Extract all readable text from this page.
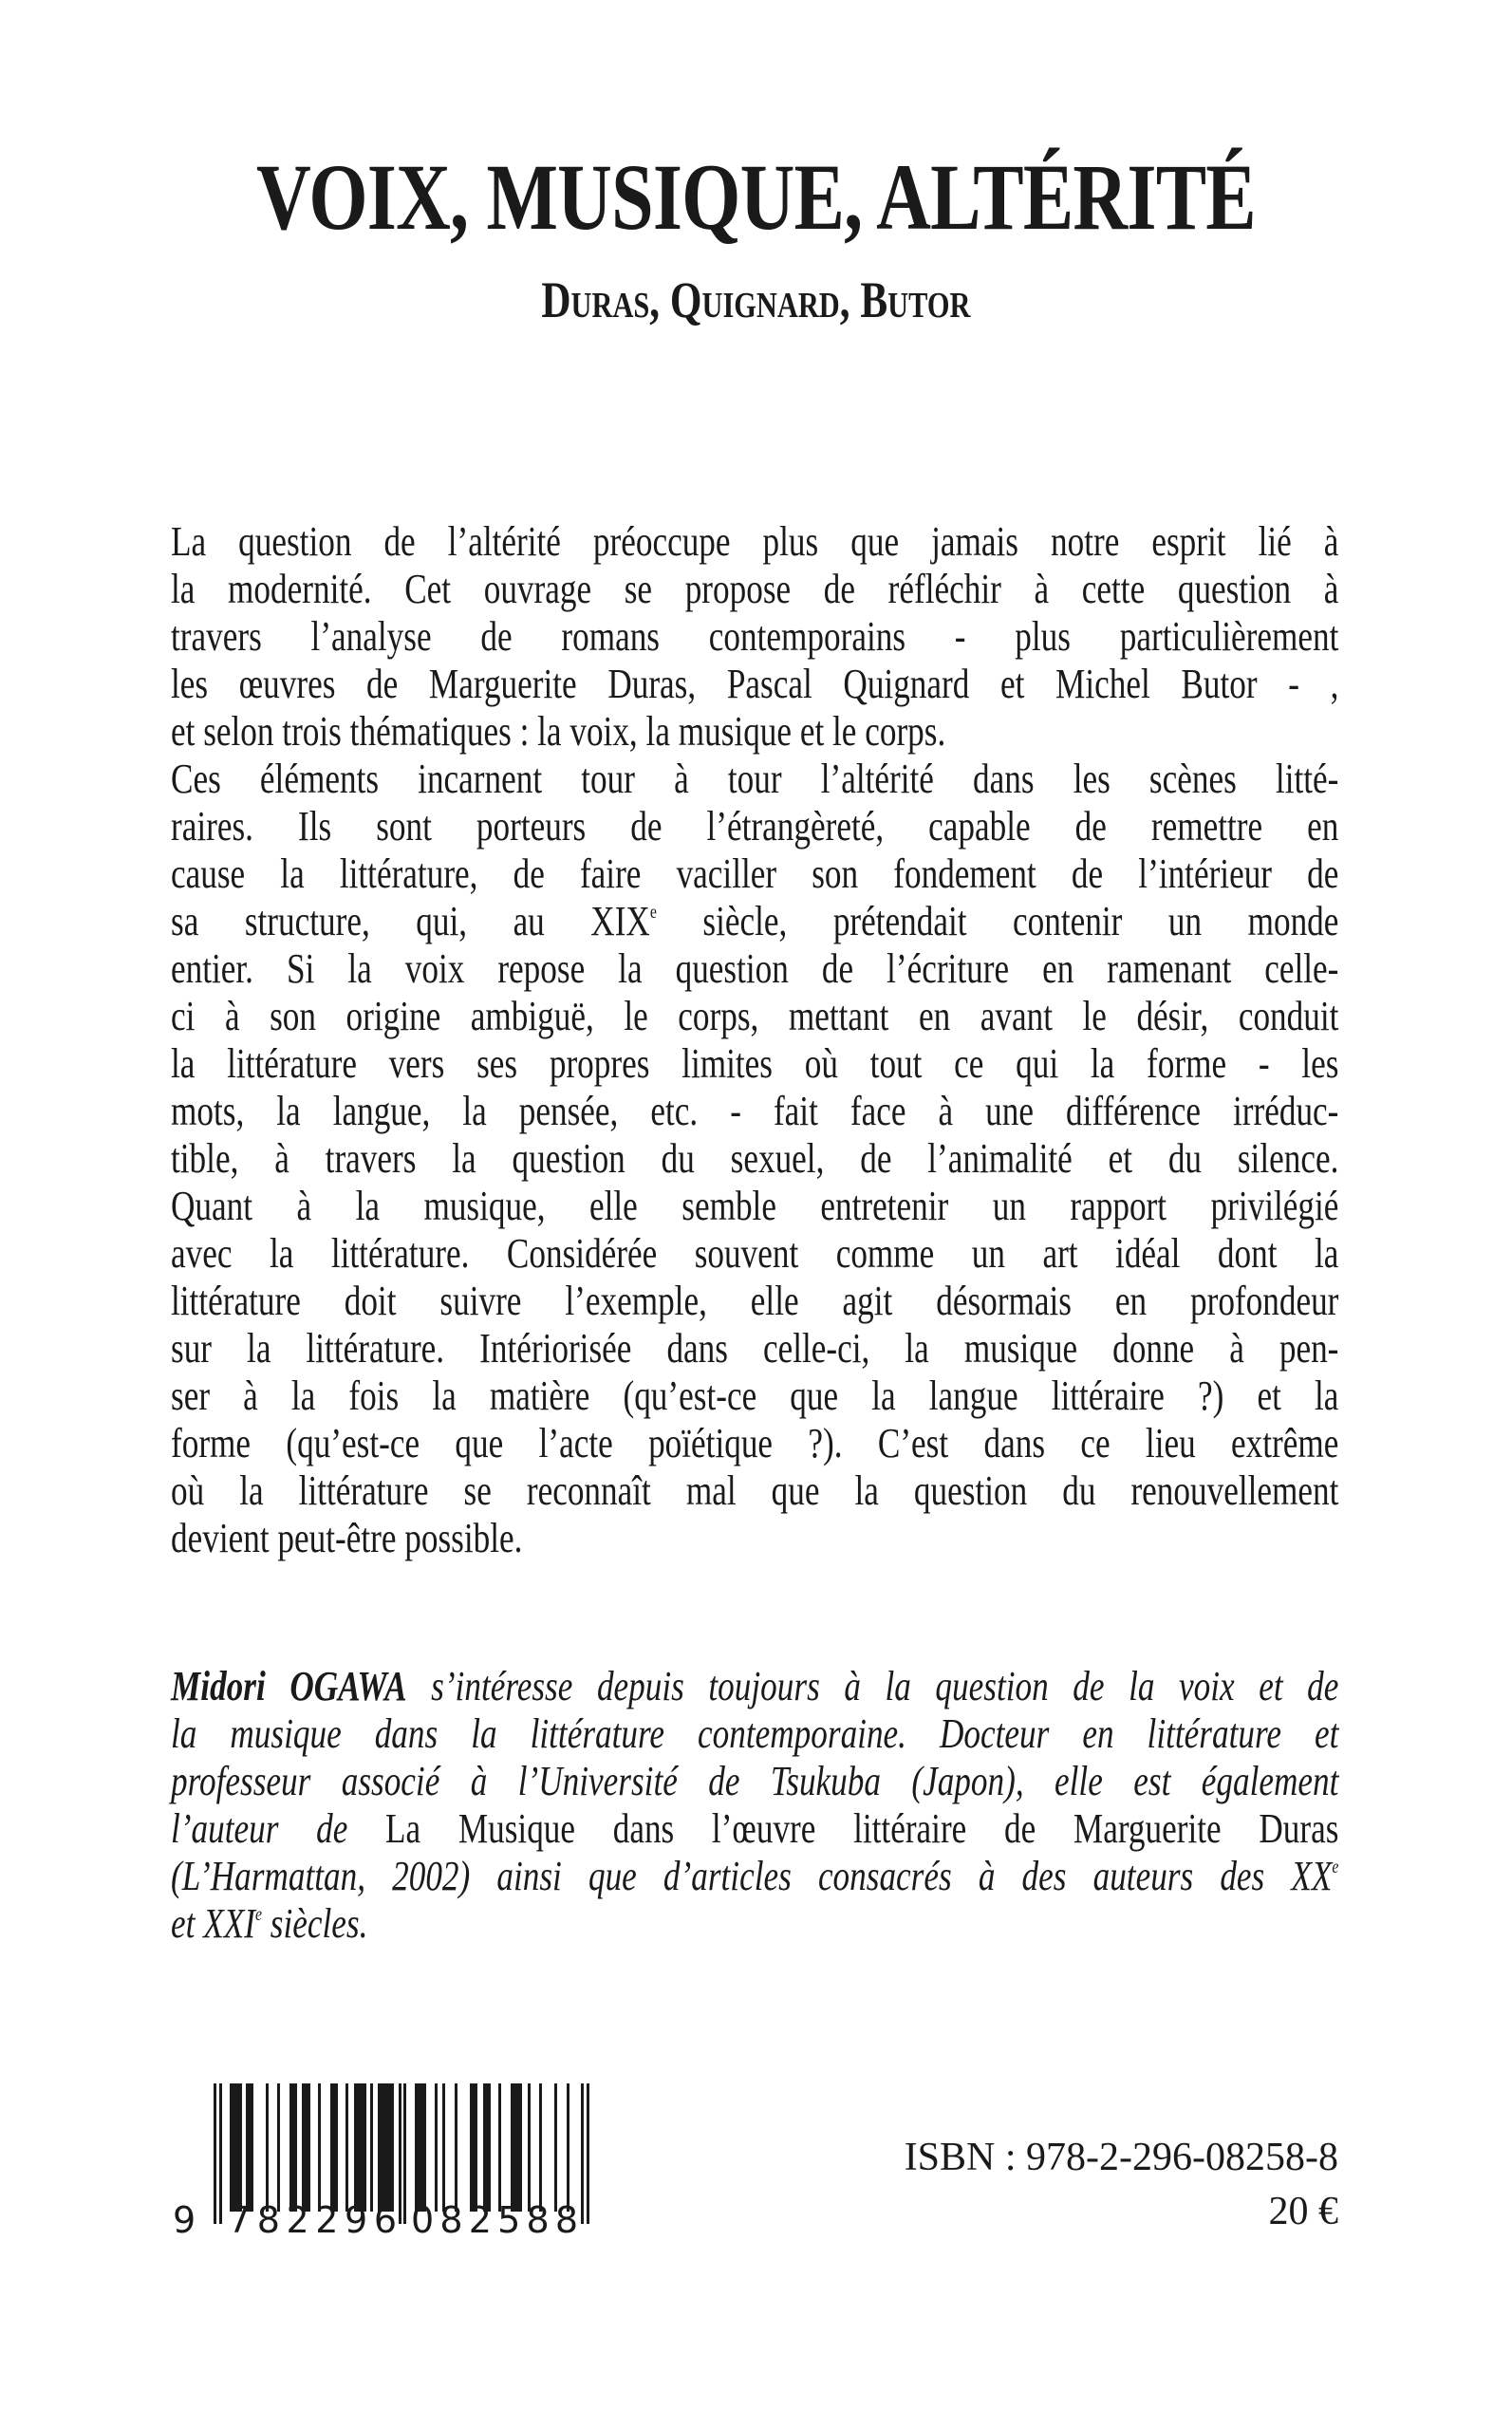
VOIX, MUSIQUE, ALTÉRITÉ
Duras, Quignard, Butor
La question de l’altérité préoccupe plus que jamais notre esprit lié à
la modernité. Cet ouvrage se propose de réfléchir à cette question à
travers l’analyse de romans contemporains - plus particulièrement
les œuvres de Marguerite Duras, Pascal Quignard et Michel Butor - ,
et selon trois thématiques : la voix, la musique et le corps.
Ces éléments incarnent tour à tour l’altérité dans les scènes litté-
raires. Ils sont porteurs de l’étrangèreté, capable de remettre en
cause la littérature, de faire vaciller son fondement de l’intérieur de
sa structure, qui, au XIXe siècle, prétendait contenir un monde
entier. Si la voix repose la question de l’écriture en ramenant celle-
ci à son origine ambiguë, le corps, mettant en avant le désir, conduit
la littérature vers ses propres limites où tout ce qui la forme - les
mots, la langue, la pensée, etc. - fait face à une différence irréduc-
tible, à travers la question du sexuel, de l’animalité et du silence.
Quant à la musique, elle semble entretenir un rapport privilégié
avec la littérature. Considérée souvent comme un art idéal dont la
littérature doit suivre l’exemple, elle agit désormais en profondeur
sur la littérature. Intériorisée dans celle-ci, la musique donne à pen-
ser à la fois la matière (qu’est-ce que la langue littéraire ?) et la
forme (qu’est-ce que l’acte poïétique ?). C’est dans ce lieu extrême
où la littérature se reconnaît mal que la question du renouvellement
devient peut-être possible.
Midori OGAWA s’intéresse depuis toujours à la question de la voix et de
la musique dans la littérature contemporaine. Docteur en littérature et
professeur associé à l’Université de Tsukuba (Japon), elle est également
l’auteur de La Musique dans l’œuvre littéraire de Marguerite Duras
(L’Harmattan, 2002) ainsi que d’articles consacrés à des auteurs des XXe
et XXIe siècles.
9 782296 082588
ISBN : 978-2-296-08258-8
20 €
